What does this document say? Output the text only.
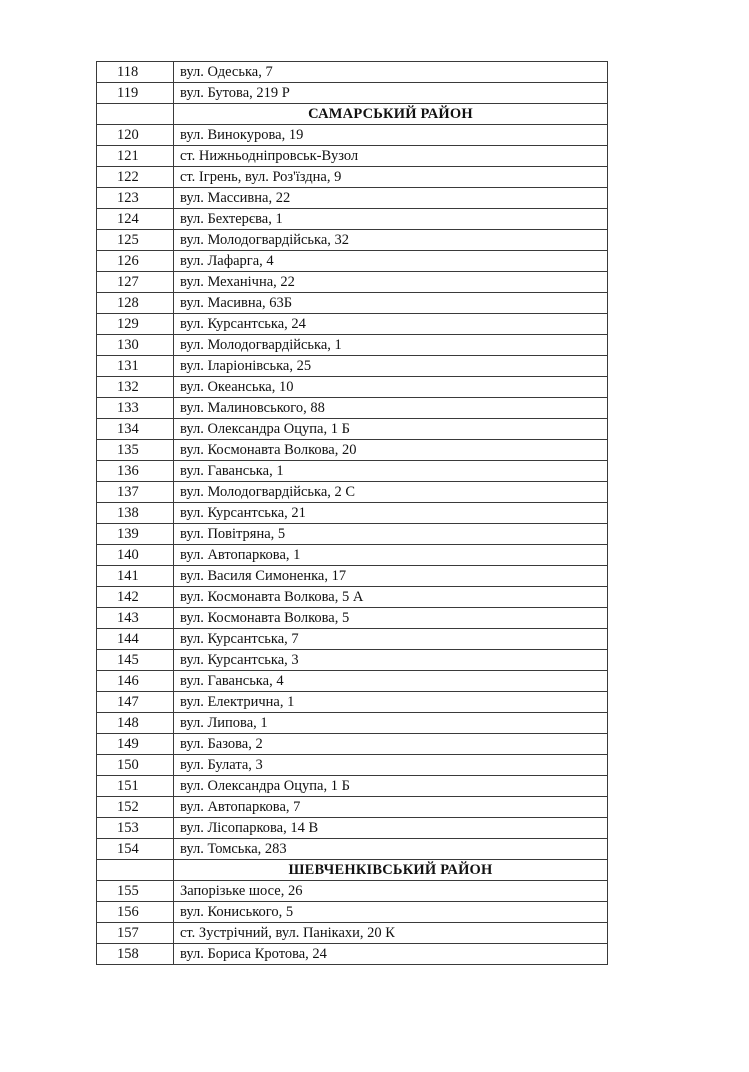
118	вул. Одеська, 7
119	вул. Бутова, 219 Р
	САМАРСЬКИЙ РАЙОН
120	вул. Винокурова, 19
121	ст. Нижньодніпровськ-Вузол
122	ст. Ігрень, вул. Роз'їздна, 9
123	вул. Массивна, 22
124	вул. Бехтерєва, 1
125	вул. Молодогвардійська, 32
126	вул. Лафарга, 4
127	вул. Механічна, 22
128	вул. Масивна, 63Б
129	вул. Курсантська, 24
130	вул. Молодогвардійська, 1
131	вул. Іларіонівська, 25
132	вул. Океанська, 10
133	вул. Малиновського, 88
134	вул. Олександра Оцупа, 1 Б
135	вул. Космонавта Волкова, 20
136	вул. Гаванська, 1
137	вул. Молодогвардійська, 2 С
138	вул. Курсантська, 21
139	вул. Повітряна, 5
140	вул. Автопаркова, 1
141	вул. Василя Симоненка, 17
142	вул. Космонавта Волкова, 5 А
143	вул. Космонавта Волкова, 5
144	вул. Курсантська, 7
145	вул. Курсантська, 3
146	вул. Гаванська, 4
147	вул. Електрична, 1
148	вул. Липова, 1
149	вул. Базова, 2
150	вул. Булата, 3
151	вул. Олександра Оцупа, 1 Б
152	вул. Автопаркова, 7
153	вул. Лісопаркова, 14 В
154	вул. Томська, 283
	ШЕВЧЕНКІВСЬКИЙ РАЙОН
155	Запорізьке шосе, 26
156	вул. Кониського, 5
157	ст. Зустрічний, вул. Панікахи, 20 К
158	вул. Бориса Кротова, 24
